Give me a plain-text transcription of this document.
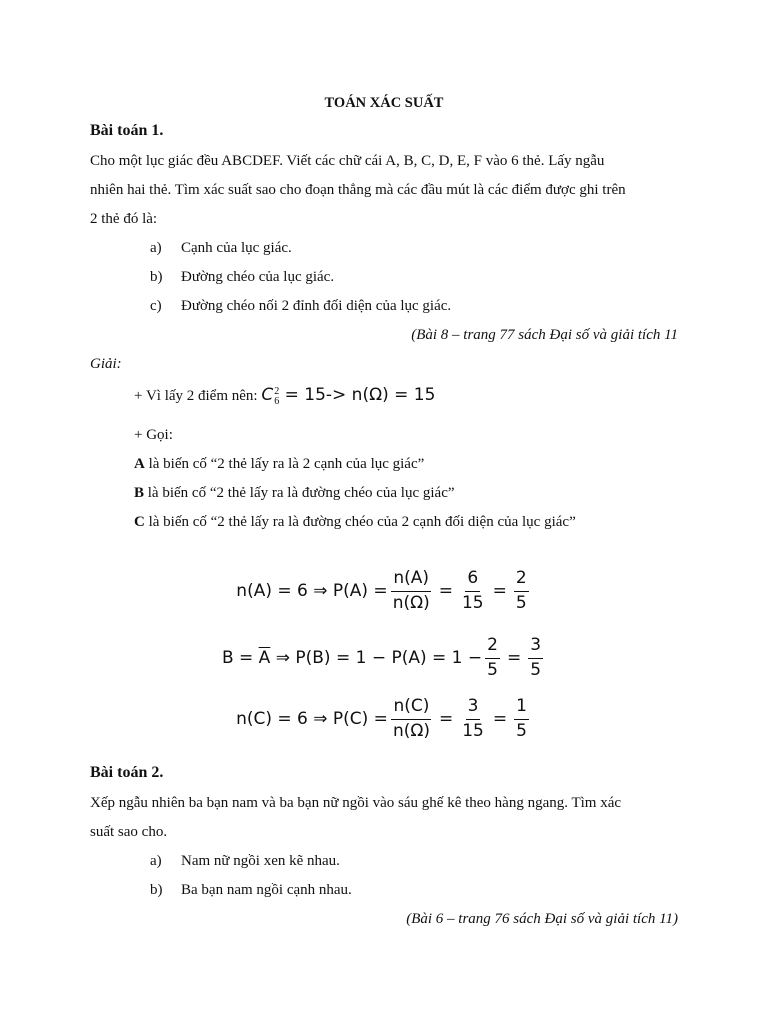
TOÁN XÁC SUẤT
Bài toán 1.
Cho một lục giác đều ABCDEF. Viết các chữ cái A, B, C, D, E, F vào 6 thẻ. Lấy ngẫu
nhiên hai thẻ. Tìm xác suất sao cho đoạn thẳng mà các đầu mút là các điểm được ghi trên
2 thẻ đó là:
a) Cạnh của lục giác.
b) Đường chéo của lục giác.
c) Đường chéo nối 2 đỉnh đối diện của lục giác.
(Bài 8 – trang 77 sách Đại số và giải tích 11
Giải:
+ Vì lấy 2 điểm nên: C 2
6 = 15-> n(Ω) = 15
+ Gọi:
A là biến cố “2 thẻ lấy ra là 2 cạnh của lục giác”
B là biến cố “2 thẻ lấy ra là đường chéo của lục giác”
C là biến cố “2 thẻ lấy ra là đường chéo của 2 cạnh đối diện của lục giác”
n(A) = 6 ⇒ $P(A) = \frac{n(A)}{n(\Omega)} = \frac{6}{15} = \frac{2}{5}$
$B = \overline{A}$ ⇒ $P(B) = 1 - P(A) = 1 - \frac{2}{5} = \frac{3}{5}$
n(C) = 6 ⇒ $P(C) = \frac{n(C)}{n(\Omega)} = \frac{3}{15} = \frac{1}{5}$
Bài toán 2.
Xếp ngẫu nhiên ba bạn nam và ba bạn nữ ngồi vào sáu ghế kê theo hàng ngang. Tìm xác
suất sao cho.
a) Nam nữ ngồi xen kẽ nhau.
b) Ba bạn nam ngồi cạnh nhau.
(Bài 6 – trang 76 sách Đại số và giải tích 11)
